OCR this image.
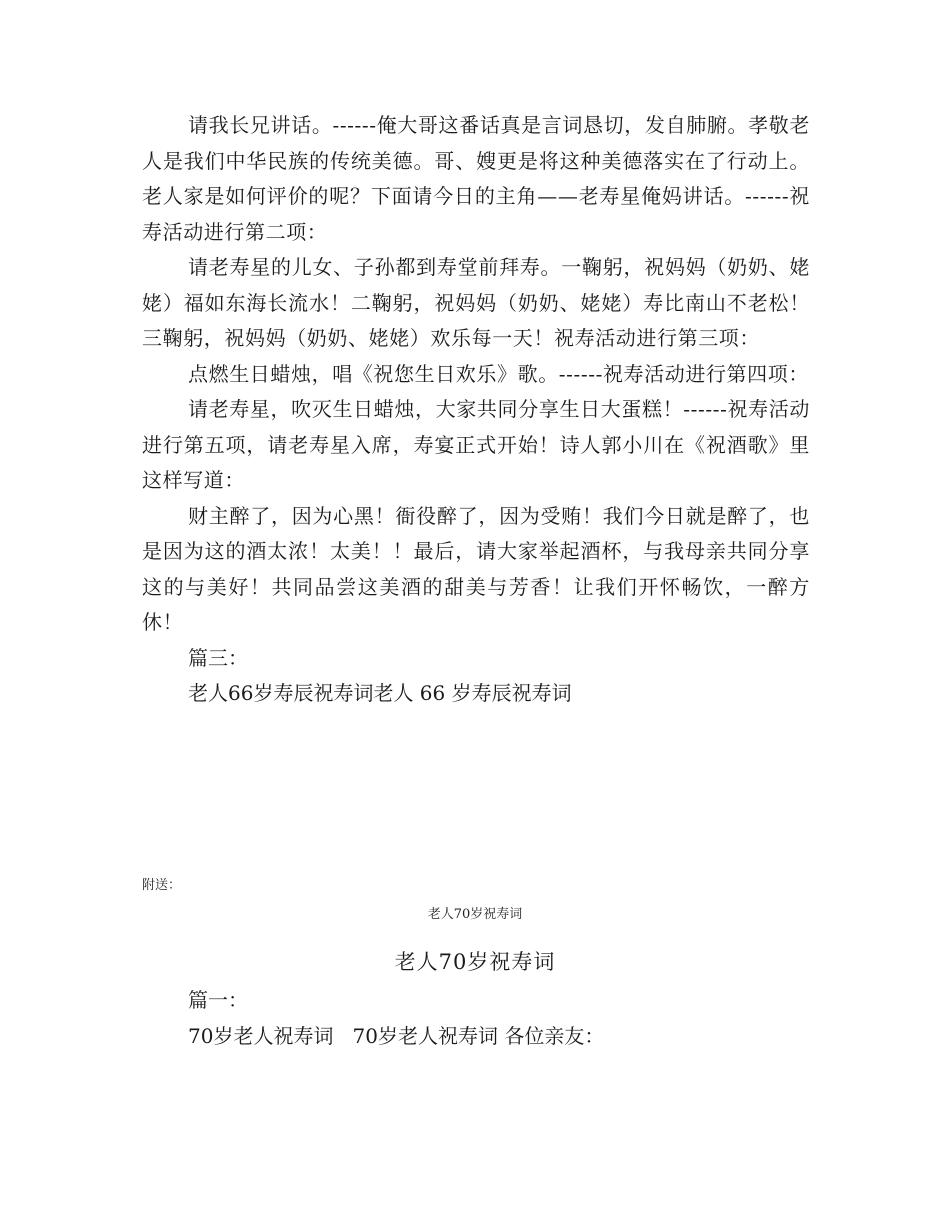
请我长兄讲话。------俺大哥这番话真是言词恳切，发自肺腑。孝敬老人是我们中华民族的传统美德。哥、嫂更是将这种美德落实在了行动上。老人家是如何评价的呢？下面请今日的主角——老寿星俺妈讲话。------祝寿活动进行第二项：

请老寿星的儿女、子孙都到寿堂前拜寿。一鞠躬，祝妈妈（奶奶、姥姥）福如东海长流水！二鞠躬，祝妈妈（奶奶、姥姥）寿比南山不老松！三鞠躬，祝妈妈（奶奶、姥姥）欢乐每一天！祝寿活动进行第三项：

点燃生日蜡烛，唱《祝您生日欢乐》歌。------祝寿活动进行第四项：

请老寿星，吹灭生日蜡烛，大家共同分享生日大蛋糕！------祝寿活动进行第五项，请老寿星入席，寿宴正式开始！诗人郭小川在《祝酒歌》里这样写道：

财主醉了，因为心黑！衙役醉了，因为受贿！我们今日就是醉了，也是因为这的酒太浓！太美！！最后，请大家举起酒杯，与我母亲共同分享这的与美好！共同品尝这美酒的甜美与芳香！让我们开怀畅饮，一醉方休！

篇三：

老人66岁寿辰祝寿词老人 66 岁寿辰祝寿词

附送：
老人70岁祝寿词
老人70岁祝寿词

篇一：

70岁老人祝寿词   70岁老人祝寿词 各位亲友：
